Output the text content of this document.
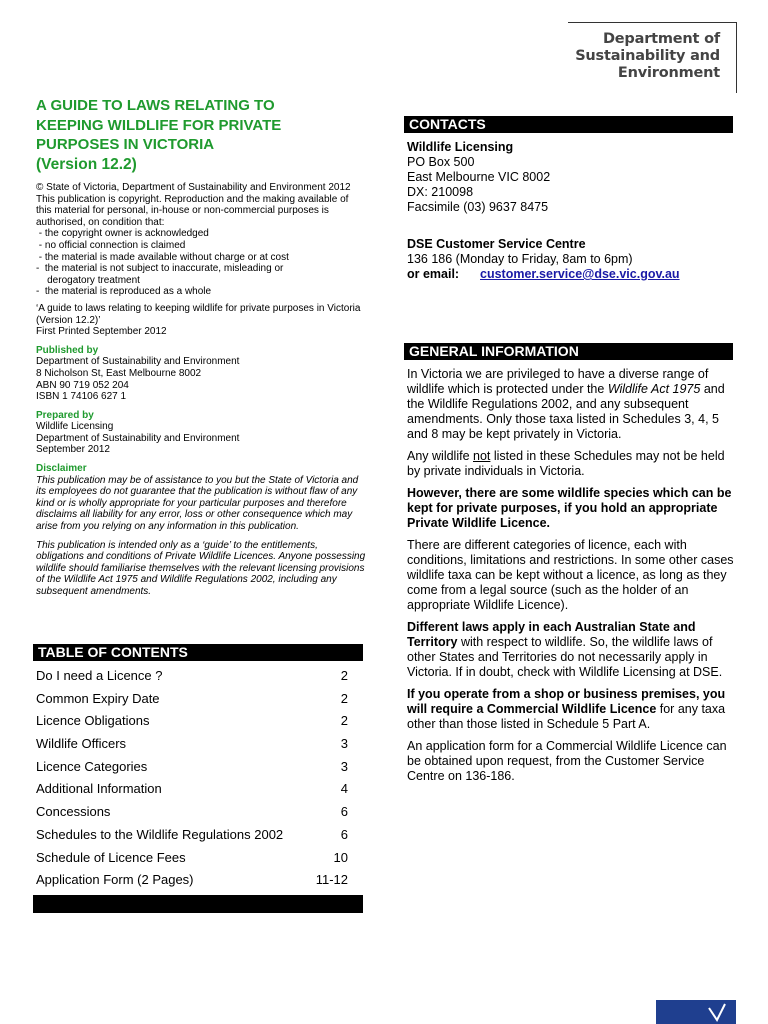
Department of
Sustainability and
Environment
A GUIDE TO LAWS RELATING TO
KEEPING WILDLIFE FOR PRIVATE
PURPOSES IN VICTORIA
(Version 12.2)

© State of Victoria, Department of Sustainability and Environment 2012

This publication is copyright. Reproduction and the making available of this material for personal, in-house or non-commercial purposes is authorised, on condition that:

- the copyright owner is acknowledged
- no official connection is claimed
- the material is made available without charge or at cost
-  the material is not subject to inaccurate, misleading or
derogatory treatment
-  the material is reproduced as a whole

‘A guide to laws relating to keeping wildlife for private purposes in Victoria (Version 12.2)’

First Printed September 2012

Published by

Department of Sustainability and Environment

8 Nicholson St, East Melbourne 8002

ABN 90 719 052 204

ISBN 1 74106 627 1

Prepared by

Wildlife Licensing

Department of Sustainability and Environment

September 2012

Disclaimer

This publication may be of assistance to you but the State of Victoria and its employees do not guarantee that the publication is without flaw of any kind or is wholly appropriate for your particular purposes and therefore disclaims all liability for any error, loss or other consequence which may arise from you relying on any information in this publication.

This publication is intended only as a ‘guide’ to the entitlements, obligations and conditions of Private Wildlife Licences. Anyone possessing wildlife should familiarise themselves with the relevant licensing provisions of the Wildlife Act 1975 and Wildlife Regulations 2002, including any subsequent amendments.

TABLE OF CONTENTS
Do I need a Licence ?	2
Common Expiry Date	2
Licence Obligations	2
Wildlife Officers	3
Licence Categories	3
Additional Information	4
Concessions	6
Schedules to the Wildlife Regulations 2002	6
Schedule of Licence Fees	10
Application Form (2 Pages)	11-12
CONTACTS

Wildlife Licensing

PO Box 500

East Melbourne VIC 8002

DX: 210098

Facsimile (03) 9637 8475

DSE Customer Service Centre

136 186 (Monday to Friday, 8am to 6pm)

or email: customer.service@dse.vic.gov.au

GENERAL INFORMATION

In Victoria we are privileged to have a diverse range of wildlife which is protected under the Wildlife Act 1975 and the Wildlife Regulations 2002, and any subsequent amendments. Only those taxa listed in Schedules 3, 4, 5 and 8 may be kept privately in Victoria.

Any wildlife not listed in these Schedules may not be held by private individuals in Victoria.

However, there are some wildlife species which can be kept for private purposes, if you hold an appropriate Private Wildlife Licence.

There are different categories of licence, each with conditions, limitations and restrictions. In some other cases wildlife taxa can be kept without a licence, as long as they come from a legal source (such as the holder of an appropriate Wildlife Licence).

Different laws apply in each Australian State and Territory with respect to wildlife. So, the wildlife laws of other States and Territories do not necessarily apply in Victoria. If in doubt, check with Wildlife Licensing at DSE.

If you operate from a shop or business premises, you will require a Commercial Wildlife Licence for any taxa other than those listed in Schedule 5 Part A.

An application form for a Commercial Wildlife Licence can be obtained upon request, from the Customer Service Centre on 136-186.
